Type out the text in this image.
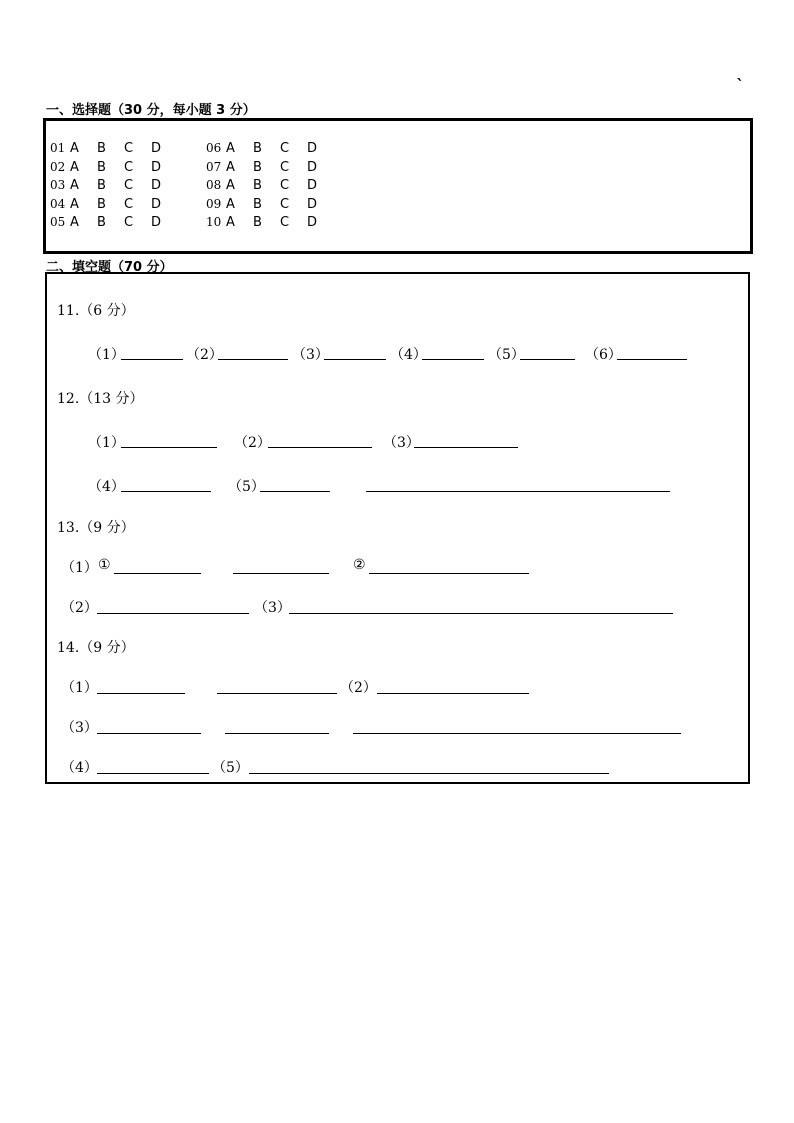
`
一、选择题（30 分，每小题 3 分）
01 A B C D
02 A B C D
03 A B C D
04 A B C D
05 A B C D
06 A B C D
07 A B C D
08 A B C D
09 A B C D
10 A B C D
二、填空题（70 分）
11.（6 分）
（1）	（2）	（3）	（4）	（5）	（6）
12.（13 分）
（1）	（2）	（3）
（4）	（5）
13.（9 分）
（1） ①	②
（2）	（3）
14.（9 分）
（1）	（2）
（3）
（4）	（5）
